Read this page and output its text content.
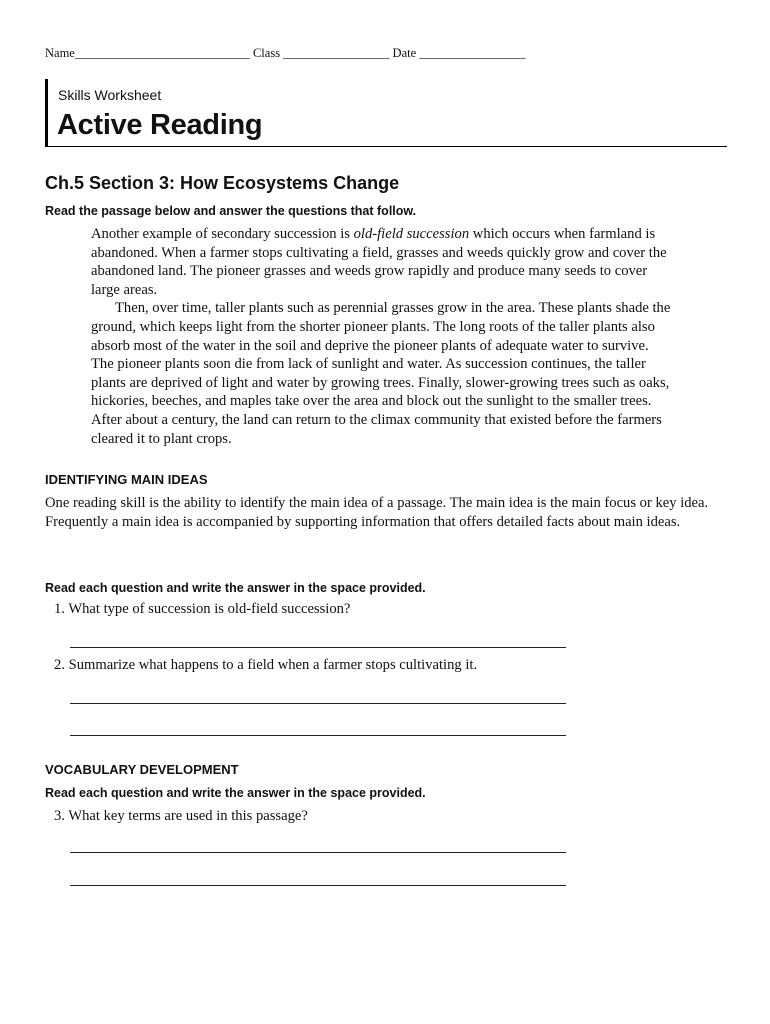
Name____________________________ Class _________________ Date _________________
Skills Worksheet
Active Reading
Ch.5 Section 3: How Ecosystems Change
Read the passage below and answer the questions that follow.

Another example of secondary succession is old-field succession which occurs when farmland is abandoned. When a farmer stops cultivating a field, grasses and weeds quickly grow and cover the abandoned land. The pioneer grasses and weeds grow rapidly and produce many seeds to cover large areas.

Then, over time, taller plants such as perennial grasses grow in the area. These plants shade the ground, which keeps light from the shorter pioneer plants. The long roots of the taller plants also absorb most of the water in the soil and deprive the pioneer plants of adequate water to survive. The pioneer plants soon die from lack of sunlight and water. As succession continues, the taller plants are deprived of light and water by growing trees. Finally, slower-growing trees such as oaks, hickories, beeches, and maples take over the area and block out the sunlight to the smaller trees. After about a century, the land can return to the climax community that existed before the farmers cleared it to plant crops.

IDENTIFYING MAIN IDEAS
One reading skill is the ability to identify the main idea of a passage. The main idea is the main focus or key idea. Frequently a main idea is accompanied by supporting information that offers detailed facts about main ideas.
Read each question and write the answer in the space provided.
1. What type of succession is old-field succession?
2. Summarize what happens to a field when a farmer stops cultivating it.
VOCABULARY DEVELOPMENT
Read each question and write the answer in the space provided.
3. What key terms are used in this passage?
